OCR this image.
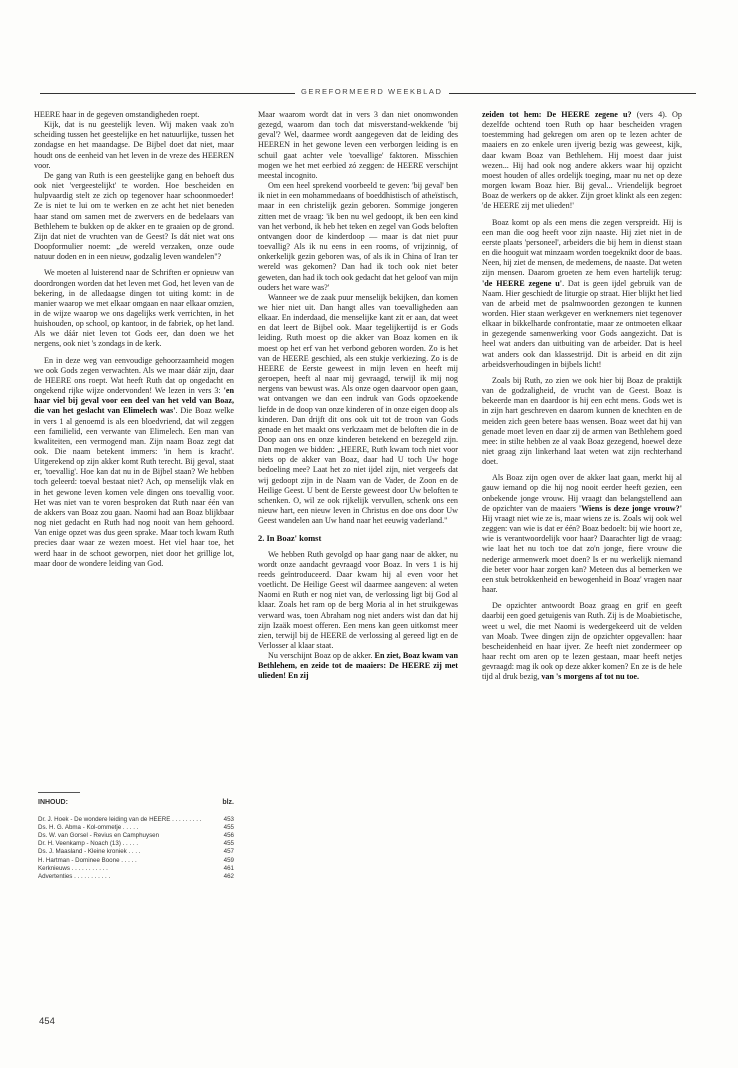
GEREFORMEERD WEEKBLAD

HEERE haar in de gegeven omstandigheden roept.

Kijk, dat is nu geestelijk leven. Wij maken vaak zo'n scheiding tussen het geestelijke en het natuurlijke, tussen het zondagse en het maandagse. De Bijbel doet dat niet, maar houdt ons de eenheid van het leven in de vreze des HEEREN voor.

De gang van Ruth is een geestelijke gang en behoeft dus ook niet 'vergeestelijkt' te worden. Hoe bescheiden en hulpvaardig stelt ze zich op tegenover haar schoonmoeder! Ze is niet te lui om te werken en ze acht het niet beneden haar stand om samen met de zwervers en de bedelaars van Bethlehem te bukken op de akker en te graaien op de grond. Zijn dat niet de vruchten van de Geest? Is dát niet wat ons Doopformulier noemt: „de wereld verzaken, onze oude natuur doden en in een nieuw, godzalig leven wandelen"?

We moeten al luisterend naar de Schriften er opnieuw van doordrongen worden dat het leven met God, het leven van de bekering, in de alledaagse dingen tot uiting komt: in de manier waarop we met elkaar omgaan en naar elkaar omzien, in de wijze waarop we ons dagelijks werk verrichten, in het huishouden, op school, op kantoor, in de fabriek, op het land. Als we dáár niet leven tot Gods eer, dan doen we het nergens, ook niet 's zondags in de kerk.

En in deze weg van eenvoudige gehoorzaamheid mogen we ook Gods zegen verwachten. Als we maar dáár zijn, daar de HEERE ons roept. Wat heeft Ruth dat op ongedacht en ongekend rijke wijze ondervonden! We lezen in vers 3: 'en haar viel bij geval voor een deel van het veld van Boaz, die van het geslacht van Elimelech was'. Die Boaz welke in vers 1 al genoemd is als een bloedvriend, dat wil zeggen een familielid, een verwante van Elimelech. Een man van kwaliteiten, een vermogend man. Zijn naam Boaz zegt dat ook. Die naam betekent immers: 'in hem is kracht'. Uitgerekend op zijn akker komt Ruth terecht. Bij geval, staat er, 'toevallig'. Hoe kan dat nu in de Bijbel staan? We hebben toch geleerd: toeval bestaat niet? Ach, op menselijk vlak en in het gewone leven komen vele dingen ons toevallig voor. Het was niet van te voren besproken dat Ruth naar één van de akkers van Boaz zou gaan. Naomi had aan Boaz blijkbaar nog niet gedacht en Ruth had nog nooit van hem gehoord. Van enige opzet was dus geen sprake. Maar toch kwam Ruth precies daar waar ze wezen moest. Het viel haar toe, het werd haar in de schoot geworpen, niet door het grillige lot, maar door de wondere leiding van God.

Maar waarom wordt dat in vers 3 dan niet onomwonden gezegd, waarom dan toch dat misverstand-wekkende 'bij geval'? Wel, daarmee wordt aangegeven dat de leiding des HEEREN in het gewone leven een verborgen leiding is en schuil gaat achter vele 'toevallige' faktoren. Misschien mogen we het met eerbied zó zeggen: de HEERE verschijnt meestal incognito.

Om een heel sprekend voorbeeld te geven: 'bij geval' ben ik niet in een mohammedaans of boeddhistisch of atheïstisch, maar in een christelijk gezin geboren. Sommige jongeren zitten met de vraag: 'ik ben nu wel gedoopt, ik ben een kind van het verbond, ik heb het teken en zegel van Gods beloften ontvangen door de kinderdoop — maar is dat niet puur toevallig? Als ik nu eens in een rooms, of vrijzinnig, of onkerkelijk gezin geboren was, of als ik in China of Iran ter wereld was gekomen? Dan had ik toch ook niet beter geweten, dan had ik toch ook gedacht dat het geloof van mijn ouders het ware was?'

Wanneer we de zaak puur menselijk bekijken, dan komen we hier niet uit. Dan hangt alles van toevalligheden aan elkaar. En inderdaad, die menselijke kant zit er aan, dat weet en dat leert de Bijbel ook. Maar tegelijkertijd is er Gods leiding. Ruth moest op die akker van Boaz komen en ik moest op het erf van het verbond geboren worden. Zo is het van de HEERE geschied, als een stukje verkiezing. Zo is de HEERE de Eerste geweest in mijn leven en heeft mij geroepen, heeft al naar mij gevraagd, terwijl ik mij nog nergens van bewust was. Als onze ogen daarvoor open gaan, wat ontvangen we dan een indruk van Gods opzoekende liefde in de doop van onze kinderen of in onze eigen doop als kinderen. Dan drijft dit ons ook uit tot de troon van Gods genade en het maakt ons verkzaam met de beloften die in de Doop aan ons en onze kinderen betekend en bezegeld zijn. Dan mogen we bidden: „HEERE, Ruth kwam toch niet voor niets op de akker van Boaz, daar had U toch Uw hoge bedoeling mee? Laat het zo niet ijdel zijn, niet vergeefs dat wij gedoopt zijn in de Naam van de Vader, de Zoon en de Heilige Geest. U bent de Eerste geweest door Uw beloften te schenken. O, wil ze ook rijkelijk vervullen, schenk ons een nieuw hart, een nieuw leven in Christus en doe ons door Uw Geest wandelen aan Uw hand naar het eeuwig vaderland."

2. In Boaz' komst

We hebben Ruth gevolgd op haar gang naar de akker, nu wordt onze aandacht gevraagd voor Boaz. In vers 1 is hij reeds geïntroduceerd. Daar kwam hij al even voor het voetlicht. De Heilige Geest wil daarmee aangeven: al weten Naomi en Ruth er nog niet van, de verlossing ligt bij God al klaar. Zoals het ram op de berg Moria al in het struikgewas verward was, toen Abraham nog niet anders wist dan dat hij zijn Izaäk moest offeren. Een mens kan geen uitkomst meer zien, terwijl bij de HEERE de verlossing al gereed ligt en de Verlosser al klaar staat.

Nu verschijnt Boaz op de akker. En ziet, Boaz kwam van Bethlehem, en zeide tot de maaiers: De HEERE zij met ulieden! En zij

zeiden tot hem: De HEERE zegene u? (vers 4). Op dezelfde ochtend toen Ruth op haar bescheiden vragen toestemming had gekregen om aren op te lezen achter de maaiers en zo enkele uren ijverig bezig was geweest, kijk, daar kwam Boaz van Bethlehem. Hij moest daar juist wezen... Hij had ook nog andere akkers waar hij opzicht moest houden of alles ordelijk toeging, maar nu net op deze morgen kwam Boaz hier. Bij geval... Vriendelijk begroet Boaz de werkers op de akker. Zijn groet klinkt als een zegen: 'de HEERE zij met ulieden!'

Boaz komt op als een mens die zegen verspreidt. Hij is een man die oog heeft voor zijn naaste. Hij ziet niet in de eerste plaats 'personeel', arbeiders die bij hem in dienst staan en die hooguit wat minzaam worden toegeknikt door de baas. Neen, hij ziet de mensen, de medemens, de naaste. Dat weten zijn mensen. Daarom groeten ze hem even hartelijk terug: 'de HEERE zegene u'. Dat is geen ijdel gebruik van de Naam. Hier geschiedt de liturgie op straat. Hier blijkt het lied van de arbeid met de psalmwoorden gezongen te kunnen worden. Hier staan werkgever en werknemers niet tegenover elkaar in bikkelharde confrontatie, maar ze ontmoeten elkaar in gezegende samenwerking voor Gods aangezicht. Dat is heel wat anders dan uitbuiting van de arbeider. Dat is heel wat anders ook dan klassestrijd. Dit is arbeid en dit zijn arbeidsverhoudingen in bijbels licht!

Zoals bij Ruth, zo zien we ook hier bij Boaz de praktijk van de godzaligheid, de vrucht van de Geest. Boaz is bekeerde man en daardoor is hij een echt mens. Gods wet is in zijn hart geschreven en daarom kunnen de knechten en de meiden zich geen betere baas wensen. Boaz weet dat hij van genade moet leven en daar zij de armen van Bethlehem goed mee: in stilte hebben ze al vaak Boaz gezegend, hoewel deze niet graag zijn linkerhand laat weten wat zijn rechterhand doet.

Als Boaz zijn ogen over de akker laat gaan, merkt hij al gauw iemand op die hij nog nooit eerder heeft gezien, een onbekende jonge vrouw. Hij vraagt dan belangstellend aan de opzichter van de maaiers 'Wiens is deze jonge vrouw?' Hij vraagt niet wie ze is, maar wiens ze is. Zoals wij ook wel zeggen: van wie is dat er één? Boaz bedoelt: bij wie hoort ze, wie is verantwoordelijk voor haar? Daarachter ligt de vraag: wie laat het nu toch toe dat zo'n jonge, fiere vrouw die nederige armenwerk moet doen? Is er nu werkelijk niemand die beter voor haar zorgen kan? Meteen dus al bemerken we een stuk betrokkenheid en bewogenheid in Boaz' vragen naar haar.

De opzichter antwoordt Boaz graag en grif en geeft daarbij een goed getuigenis van Ruth. Zij is de Moabietische, weet u wel, die met Naomi is wedergekeerd uit de velden van Moab. Twee dingen zijn de opzichter opgevallen: haar bescheidenheid en haar ijver. Ze heeft niet zondermeer op haar recht om aren op te lezen gestaan, maar heeft netjes gevraagd: mag ik ook op deze akker komen? En ze is de hele tijd al druk bezig, van 's morgens af tot nu toe.

INHOUD:	blz.
Dr. J. Hoek - De wondere leiding van de HEERE . . . . . . . . .	453
Ds. H. G. Abma - Kol-ommetje . . . . .	455
Ds. W. van Gorsel - Revius en Camphuysen	456
Dr. H. Veenkamp - Noach (13) . . . . .	455
Ds. J. Maasland - Kleine kroniek . . . .	457
H. Hartman - Dominee Boone . . . . .	459
Kerknieuws . . . . . . . . . . .	461
Advertenties . . . . . . . . . . .	462
454
